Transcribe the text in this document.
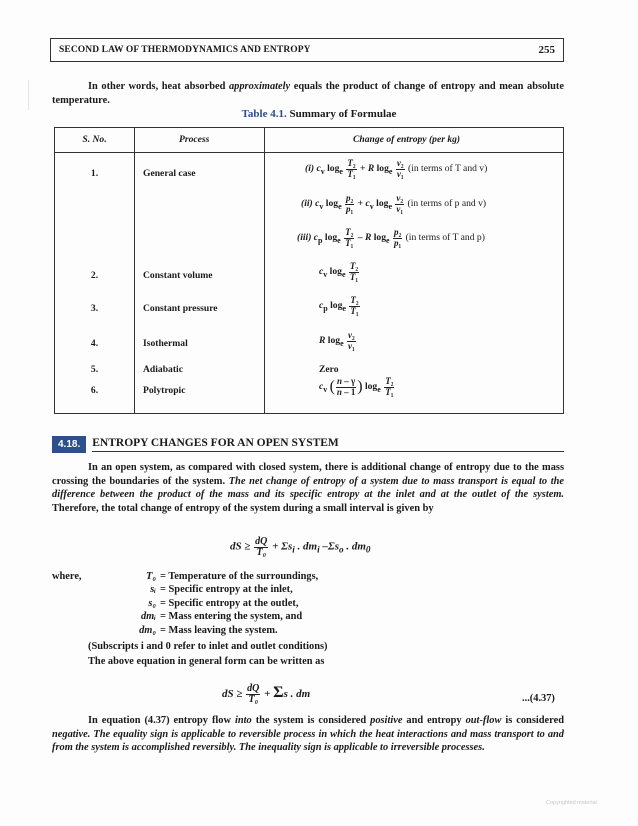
SECOND LAW OF THERMODYNAMICS AND ENTROPY	255
In other words, heat absorbed approximately equals the product of change of entropy and mean absolute temperature.
Table 4.1. Summary of Formulae
S. No.	Process	Change of entropy (per kg)
1.	General case	(i) $c_v$ $\log_e \frac{\text{T₂}}{\text{T₁}} + R$ $\log_e \frac{\text{v₂}}{\text{v₁}} (in$ terms of T and v)
(ii) $c_v$ $\log_e \frac{\text{p₂}}{\text{p₁}} + c_v$ $\log_e \frac{\text{v₂}}{\text{v₁}} (in$ terms of p and v)
(iii) $c_p$ $\log_e \frac{\text{T₂}}{\text{T₁}}$ – R $\log_e \frac{\text{p₂}}{\text{p₁}} (in$ terms of T and p)
2.	Constant volume	$c_v$ $\log_e \frac{\text{T₂}}{\text{T₁}}$
3.	Constant pressure	$c_p$ $\log_e \frac{\text{T₂}}{\text{T₁}}$
4.	Isothermal	R $\log_e \frac{\text{v₂}}{\text{v₁}}$
5.	Adiabatic	Zero
6.	Polytropic	$c_v$ ( $\frac{n - \gamma}{n - 1}$ ) $\log_e \frac{\text{T₂}}{\text{T₁}}$
4.18.	ENTROPY CHANGES FOR AN OPEN SYSTEM
In an open system, as compared with closed system, there is additional change of entropy due to the mass crossing the boundaries of the system. The net change of entropy of a system due to mass transport is equal to the difference between the product of the mass and its specific entropy at the inlet and at the outlet of the system. Therefore, the total change of entropy of the system during a small interval is given by
dS ≥ $\frac{dQ}{\text{T₀}} + \Sigma s_i$ . $dm_i$ $-\Sigma s_o$ . $dm_0$
where,	T₀ = Temperature of the surroundings,
sᵢ = Specific entropy at the inlet,
s₀ = Specific entropy at the outlet,
dmᵢ = Mass entering the system, and
dm₀ = Mass leaving the system.
(Subscripts i and 0 refer to inlet and outlet conditions)
The above equation in general form can be written as
dS ≥ $\frac{dQ}{\text{T₀}} + \Sigma s$ . dm	...(4.37)
In equation (4.37) entropy flow into the system is considered positive and entropy out-flow is considered negative. The equality sign is applicable to reversible process in which the heat interactions and mass transport to and from the system is accomplished reversibly. The inequality sign is applicable to irreversible processes.
Copyrighted material
